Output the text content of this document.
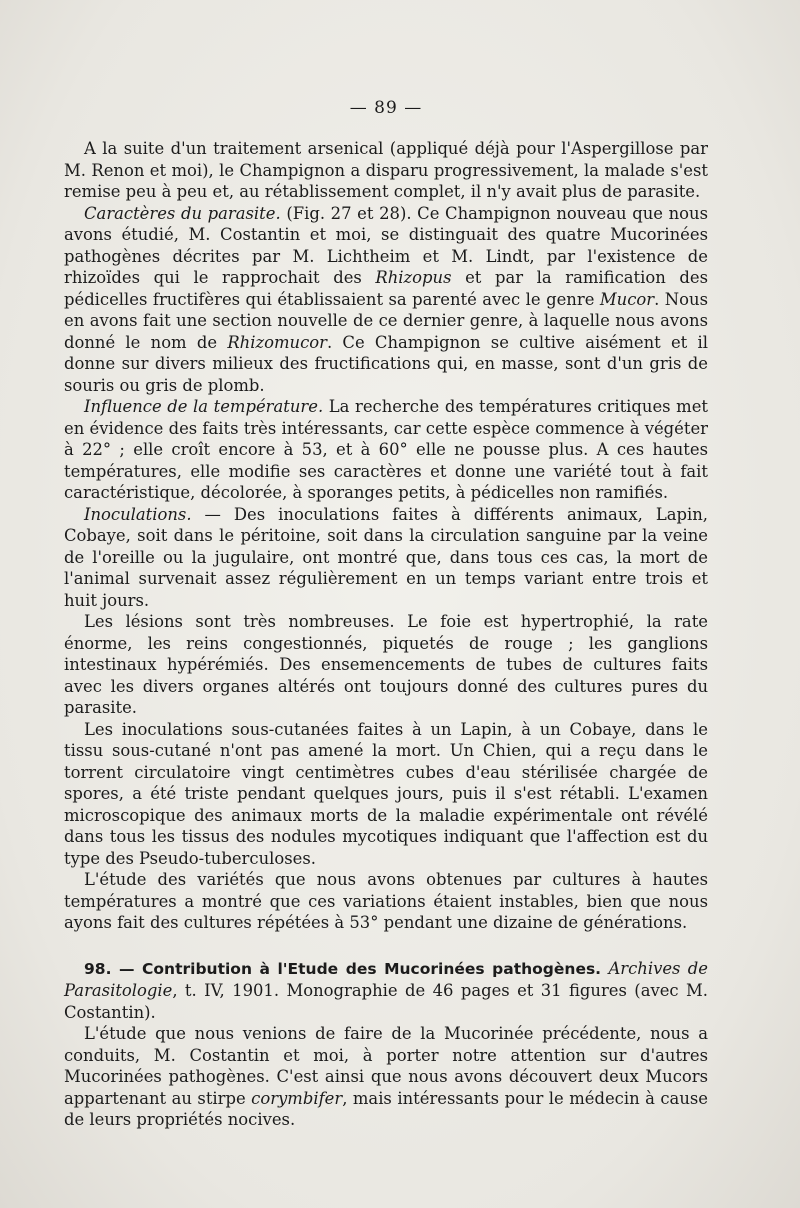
— 89 —

A la suite d'un traitement arsenical (appliqué déjà pour l'Aspergillose par M. Renon et moi), le Champignon a disparu progressivement, la malade s'est remise peu à peu et, au rétablissement complet, il n'y avait plus de parasite.

Caractères du parasite. (Fig. 27 et 28). Ce Champignon nouveau que nous avons étudié, M. Costantin et moi, se distinguait des quatre Mucorinées pathogènes décrites par M. Lichtheim et M. Lindt, par l'existence de rhizoïdes qui le rapprochait des Rhizopus et par la ramification des pédicelles fructifères qui établissaient sa parenté avec le genre Mucor. Nous en avons fait une section nouvelle de ce dernier genre, à laquelle nous avons donné le nom de Rhizomucor. Ce Champignon se cultive aisément et il donne sur divers milieux des fructifications qui, en masse, sont d'un gris de souris ou gris de plomb.

Influence de la température. La recherche des températures critiques met en évidence des faits très intéressants, car cette espèce commence à végéter à 22° ; elle croît encore à 53, et à 60° elle ne pousse plus. A ces hautes températures, elle modifie ses caractères et donne une variété tout à fait caractéristique, décolorée, à sporanges petits, à pédicelles non ramifiés.

Inoculations. — Des inoculations faites à différents animaux, Lapin, Cobaye, soit dans le péritoine, soit dans la circulation sanguine par la veine de l'oreille ou la jugulaire, ont montré que, dans tous ces cas, la mort de l'animal survenait assez régulièrement en un temps variant entre trois et huit jours.

Les lésions sont très nombreuses. Le foie est hypertrophié, la rate énorme, les reins congestionnés, piquetés de rouge ; les ganglions intestinaux hypérémiés. Des ensemencements de tubes de cultures faits avec les divers organes altérés ont toujours donné des cultures pures du parasite.

Les inoculations sous-cutanées faites à un Lapin, à un Cobaye, dans le tissu sous-cutané n'ont pas amené la mort. Un Chien, qui a reçu dans le torrent circulatoire vingt centimètres cubes d'eau stérilisée chargée de spores, a été triste pendant quelques jours, puis il s'est rétabli. L'examen microscopique des animaux morts de la maladie expérimentale ont révélé dans tous les tissus des nodules mycotiques indiquant que l'affection est du type des Pseudo-tuberculoses.

L'étude des variétés que nous avons obtenues par cultures à hautes températures a montré que ces variations étaient instables, bien que nous ayons fait des cultures répétées à 53° pendant une dizaine de générations.

98. — Contribution à l'Etude des Mucorinées pathogènes. Archives de Parasitologie, t. IV, 1901. Monographie de 46 pages et 31 figures (avec M. Costantin).

L'étude que nous venions de faire de la Mucorinée précédente, nous a conduits, M. Costantin et moi, à porter notre attention sur d'autres Mucorinées pathogènes. C'est ainsi que nous avons découvert deux Mucors appartenant au stirpe corymbifer, mais intéressants pour le médecin à cause de leurs propriétés nocives.
